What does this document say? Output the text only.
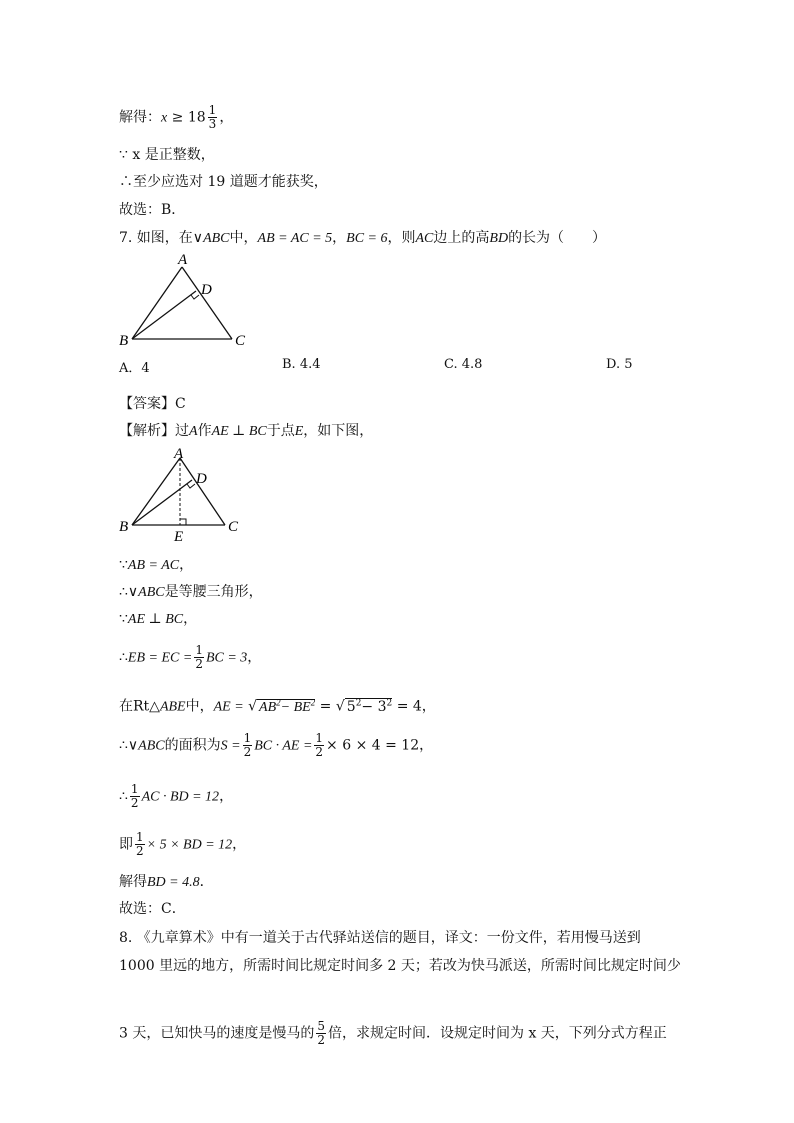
解得：$x \ge 18 \frac{1}{3}$ ，
∵ x 是正整数，
∴至少应选对 19 道题才能获奖，
故选：B．
7. 如图，在∨ABC中，AB = AC = 5，BC = 6，则AC边上的高BD的长为（　　）
A
D
B	C
A．4	B. 4.4	C. 4.8	D. 5
【答案】C
【解析】过A作AE ⊥ BC于点E，如下图，
A
D
B	C
E
∵AB = AC，
∴∨ABC是等腰三角形，
∵AE ⊥ BC，
∴EB = EC = $\frac{1}{2}$ BC = 3，
在Rt△ABE中，AE = √ $AB^2- BE^2$ = √ $5^2- 3^2 = 4$，
∴∨ABC的面积为$S = \frac{1}{2}$ BC · AE = $\frac{1}{2} \times 6 \times 4 = 12$，
∴ $\frac{1}{2}$ AC · BD = 12，
即 $\frac{1}{2} \times 5$ × BD = 12，
解得BD = 4.8．
故选：C．
8. 《九章算术》中有一道关于古代驿站送信的题目，译文：一份文件，若用慢马送到
1000 里远的地方，所需时间比规定时间多 2 天；若改为快马派送，所需时间比规定时间少
3 天，已知快马的速度是慢马的 $\frac{5}{2}$ 倍，求规定时间．设规定时间为 x 天，下列分式方程正
